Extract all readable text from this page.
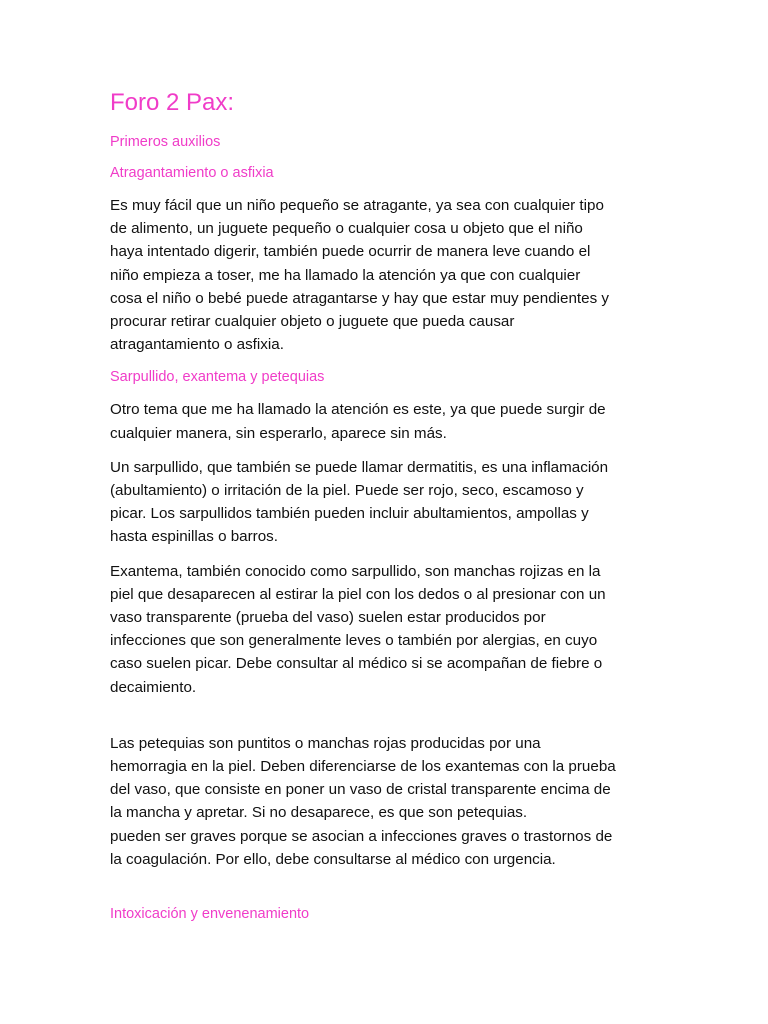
Foro 2 Pax:
Primeros auxilios
Atragantamiento o asfixia
Es muy fácil que un niño pequeño se atragante, ya sea con cualquier tipo
de alimento, un juguete pequeño o cualquier cosa u objeto que el niño
haya intentado digerir, también puede ocurrir de manera leve cuando el
niño empieza a toser, me ha llamado la atención ya que con cualquier
cosa el niño o bebé puede atragantarse y hay que estar muy pendientes y
procurar retirar cualquier objeto o juguete que pueda causar
atragantamiento o asfixia.
Sarpullido, exantema y petequias
Otro tema que me ha llamado la atención es este, ya que puede surgir de
cualquier manera, sin esperarlo, aparece sin más.
Un sarpullido, que también se puede llamar dermatitis, es una inflamación
(abultamiento) o irritación de la piel. Puede ser rojo, seco, escamoso y
picar. Los sarpullidos también pueden incluir abultamientos, ampollas y
hasta espinillas o barros.
Exantema, también conocido como sarpullido, son manchas rojizas en la
piel que desaparecen al estirar la piel con los dedos o al presionar con un
vaso transparente (prueba del vaso) suelen estar producidos por
infecciones que son generalmente leves o también por alergias, en cuyo
caso suelen picar. Debe consultar al médico si se acompañan de fiebre o
decaimiento.
Las petequias son puntitos o manchas rojas producidas por una
hemorragia en la piel. Deben diferenciarse de los exantemas con la prueba
del vaso, que consiste en poner un vaso de cristal transparente encima de
la mancha y apretar. Si no desaparece, es que son petequias.
pueden ser graves porque se asocian a infecciones graves o trastornos de
la coagulación. Por ello, debe consultarse al médico con urgencia.
Intoxicación y envenenamiento
